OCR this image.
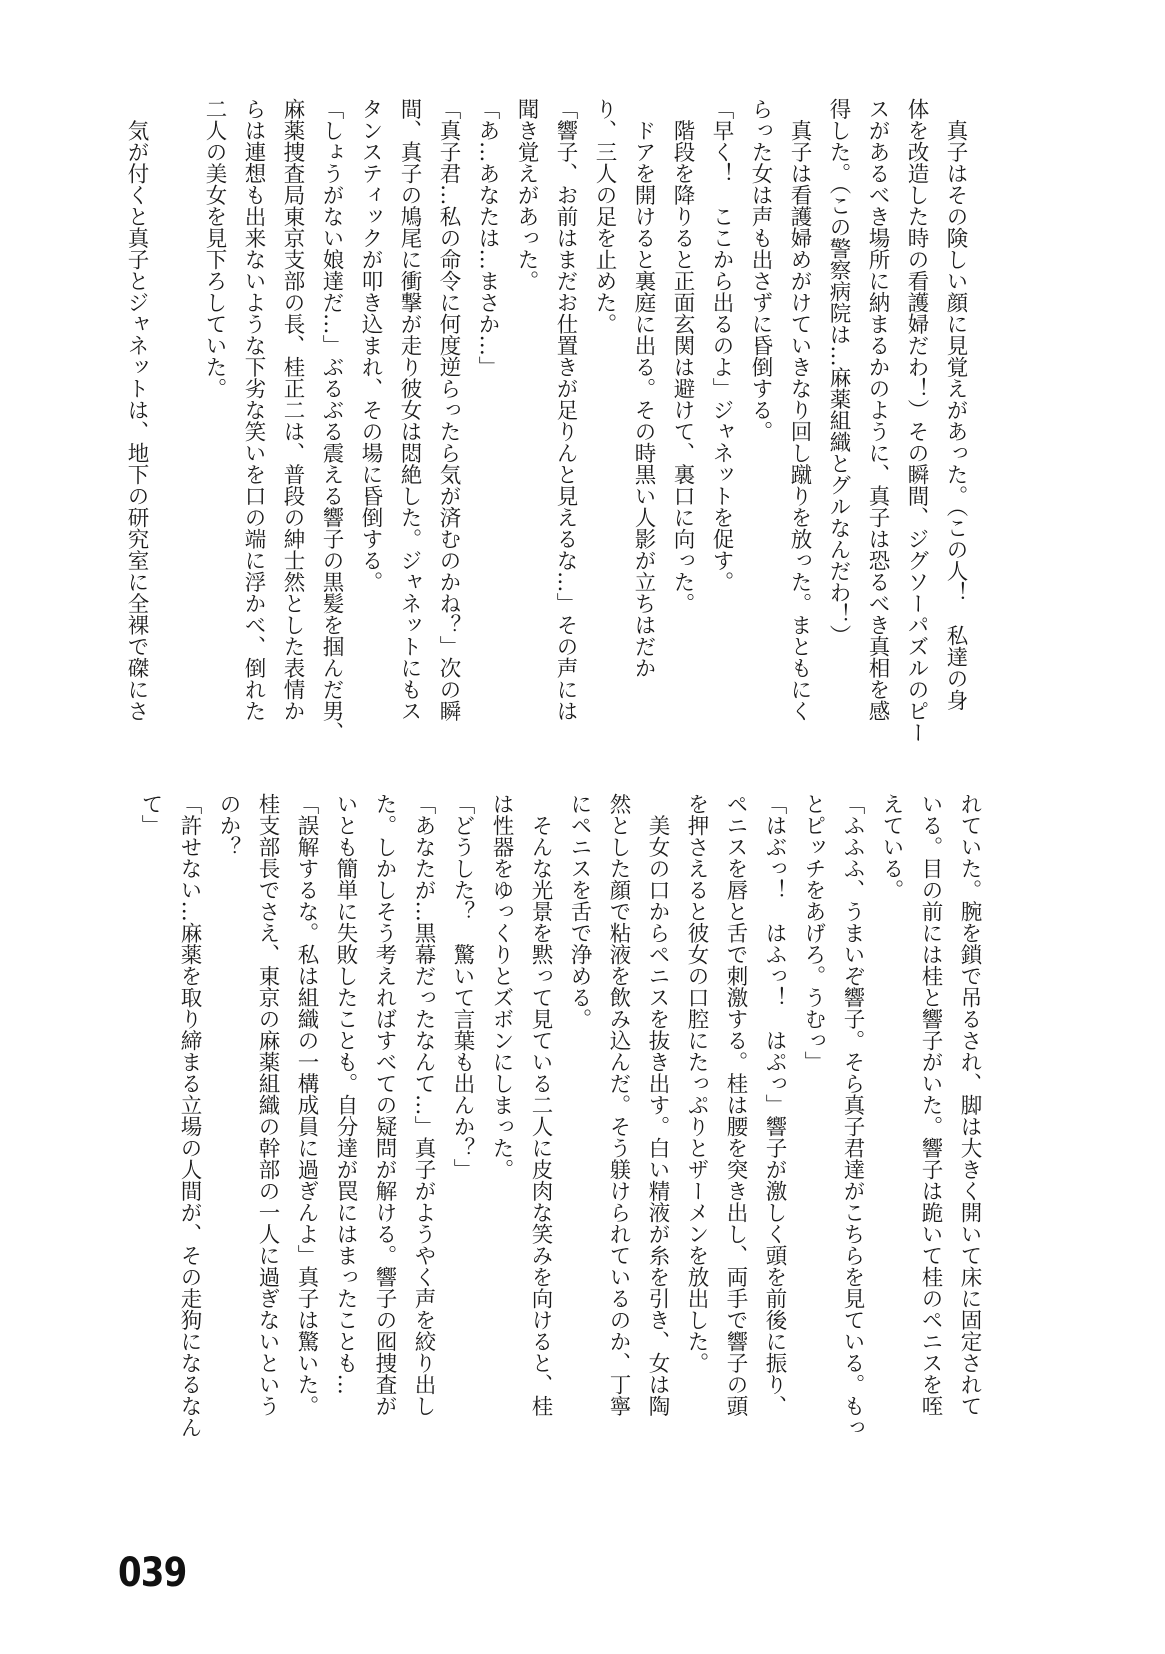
　真子はその険しい顔に見覚えがあった。（この人！　私達の身
体を改造した時の看護婦だわ！）その瞬間、ジグソーパズルのピー
スがあるべき場所に納まるかのように、真子は恐るべき真相を感
得した。（この警察病院は…麻薬組織とグルなんだわ！）
　真子は看護婦めがけていきなり回し蹴りを放った。まともにく
らった女は声も出さずに昏倒する。
「早く！　ここから出るのよ」ジャネットを促す。
　階段を降りると正面玄関は避けて、裏口に向った。
　ドアを開けると裏庭に出る。その時黒い人影が立ちはだか
り、三人の足を止めた。
「響子、お前はまだお仕置きが足りんと見えるな…」その声には
聞き覚えがあった。
「あ…あなたは…まさか…」
「真子君…私の命令に何度逆らったら気が済むのかね？」次の瞬
間、真子の鳩尾に衝撃が走り彼女は悶絶した。ジャネットにもス
タンスティックが叩き込まれ、その場に昏倒する。
「しょうがない娘達だ…」ぶるぶる震える響子の黒髪を掴んだ男、
麻薬捜査局東京支部の長、桂正二は、普段の紳士然とした表情か
らは連想も出来ないような下劣な笑いを口の端に浮かべ、倒れた
二人の美女を見下ろしていた。
　気が付くと真子とジャネットは、地下の研究室に全裸で磔にさ
れていた。腕を鎖で吊るされ、脚は大きく開いて床に固定されて
いる。目の前には桂と響子がいた。響子は跪いて桂のペニスを咥
えている。
「ふふふ、うまいぞ響子。そら真子君達がこちらを見ている。もっ
とピッチをあげろ。うむっ」
「はぶっ！　はふっ！　はぷっ」響子が激しく頭を前後に振り、
ペニスを唇と舌で刺激する。桂は腰を突き出し、両手で響子の頭
を押さえると彼女の口腔にたっぷりとザーメンを放出した。
　美女の口からペニスを抜き出す。白い精液が糸を引き、女は陶
然とした顔で粘液を飲み込んだ。そう躾けられているのか、丁寧
にペニスを舌で浄める。
　そんな光景を黙って見ている二人に皮肉な笑みを向けると、桂
は性器をゆっくりとズボンにしまった。
「どうした？　驚いて言葉も出んか？」
「あなたが…黒幕だったなんて…」真子がようやく声を絞り出し
た。しかしそう考えればすべての疑問が解ける。響子の囮捜査が
いとも簡単に失敗したことも。自分達が罠にはまったことも…
「誤解するな。私は組織の一構成員に過ぎんよ」真子は驚いた。
桂支部長でさえ、東京の麻薬組織の幹部の一人に過ぎないという
のか？
「許せない…麻薬を取り締まる立場の人間が、その走狗になるなん
て」
039
